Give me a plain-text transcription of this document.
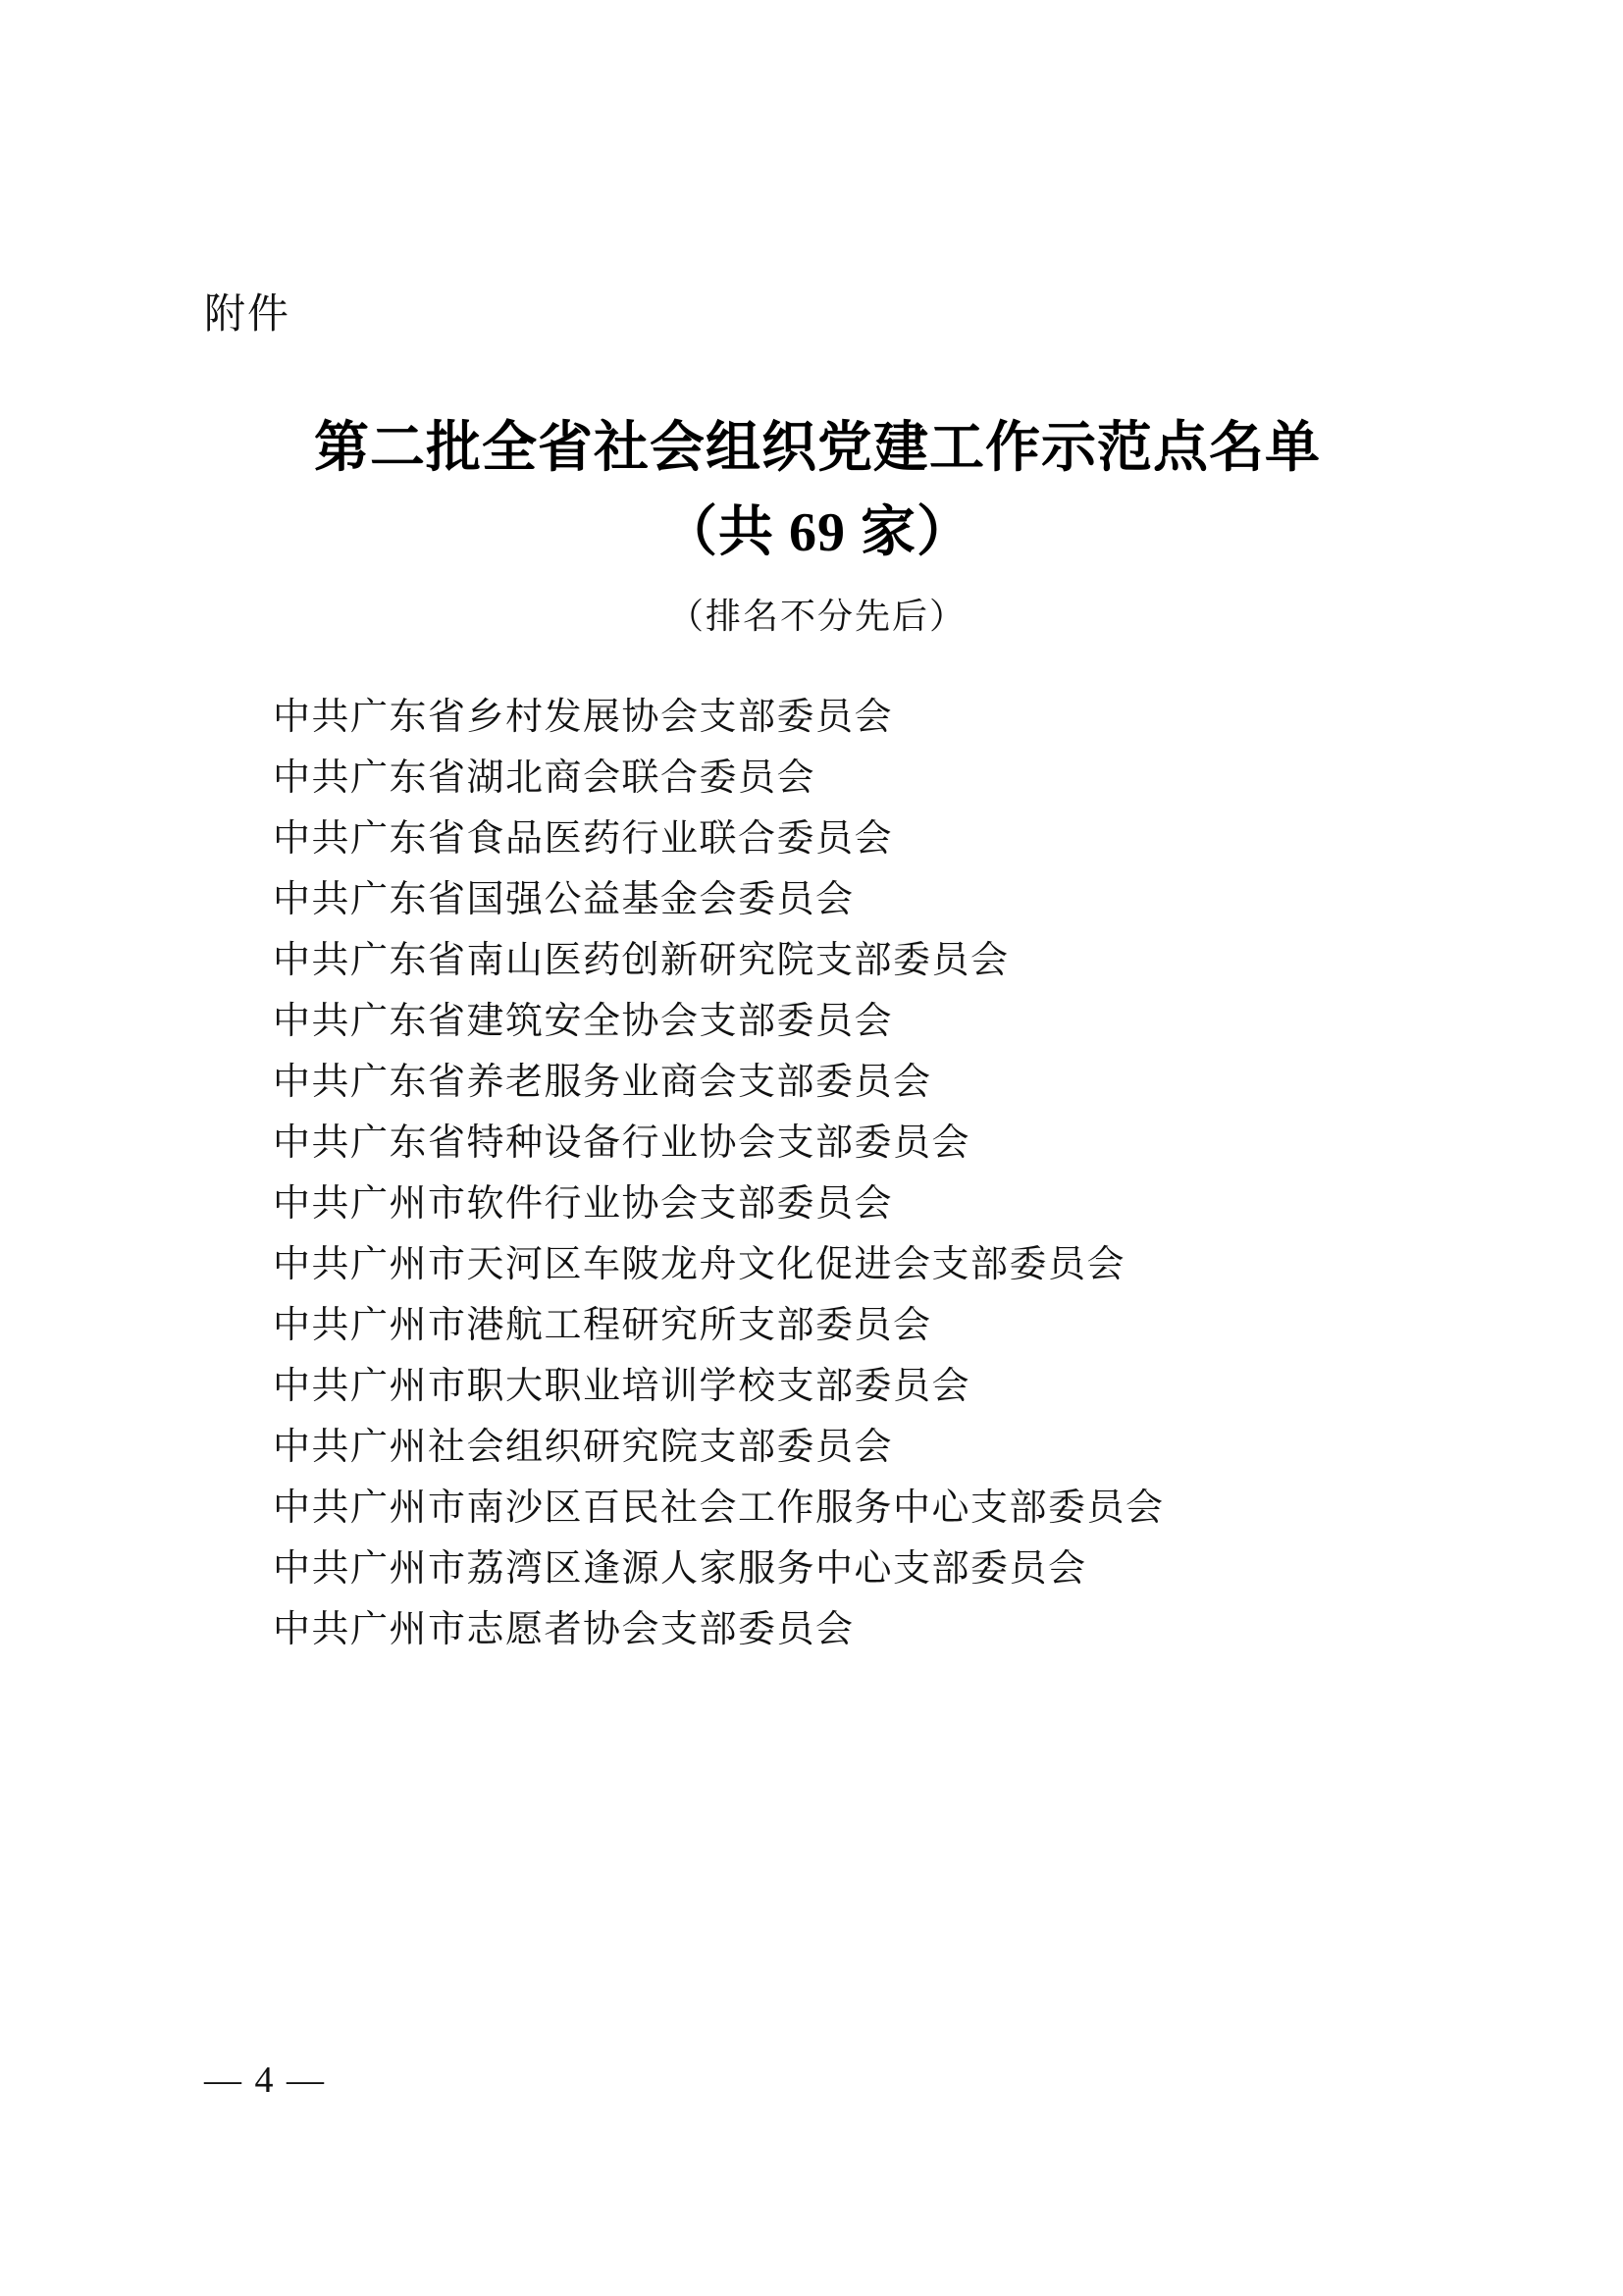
附件
第二批全省社会组织党建工作示范点名单
（共 69 家）
（排名不分先后）
中共广东省乡村发展协会支部委员会
中共广东省湖北商会联合委员会
中共广东省食品医药行业联合委员会
中共广东省国强公益基金会委员会
中共广东省南山医药创新研究院支部委员会
中共广东省建筑安全协会支部委员会
中共广东省养老服务业商会支部委员会
中共广东省特种设备行业协会支部委员会
中共广州市软件行业协会支部委员会
中共广州市天河区车陂龙舟文化促进会支部委员会
中共广州市港航工程研究所支部委员会
中共广州市职大职业培训学校支部委员会
中共广州社会组织研究院支部委员会
中共广州市南沙区百民社会工作服务中心支部委员会
中共广州市荔湾区逢源人家服务中心支部委员会
中共广州市志愿者协会支部委员会
— 4 —
